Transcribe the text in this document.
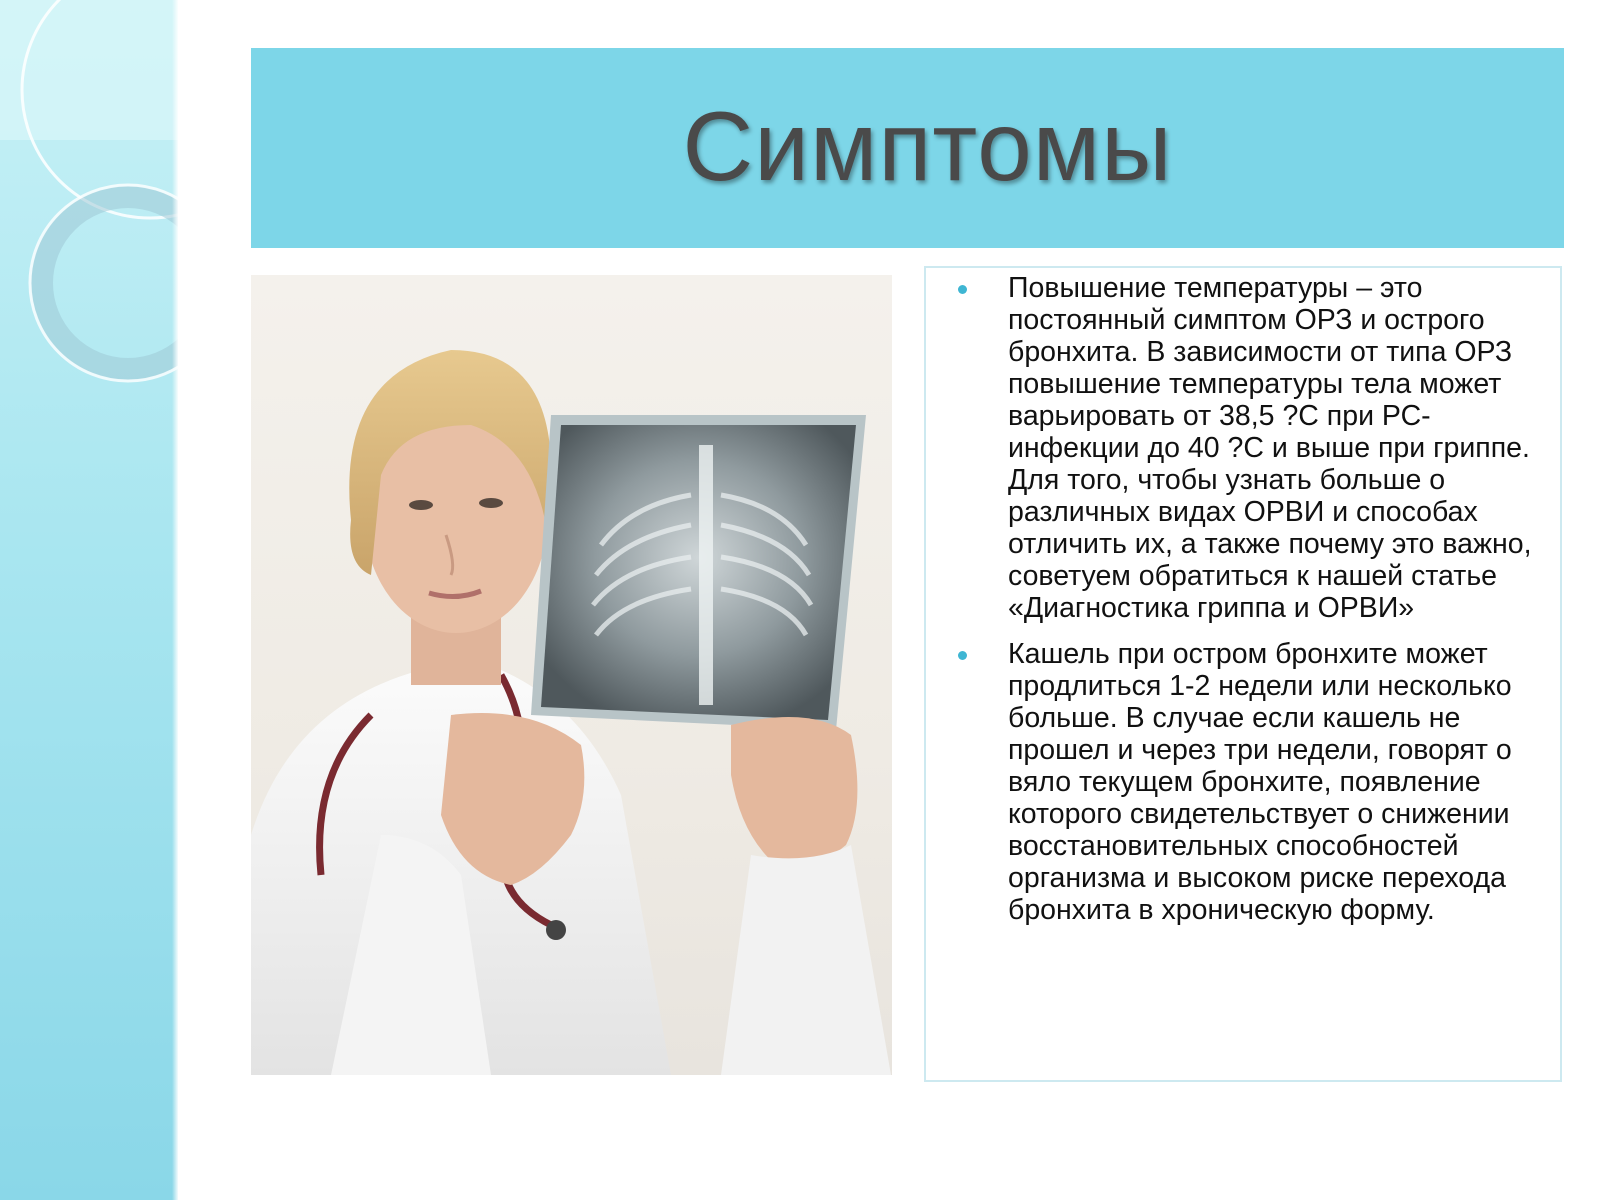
Симптомы
Повышение температуры – это постоянный симптом ОРЗ и острого бронхита. В зависимости от типа ОРЗ повышение температуры тела может варьировать от 38,5 ?С при РС-инфекции до 40 ?С и выше при гриппе. Для того, чтобы узнать больше о различных видах ОРВИ и способах отличить их, а также почему это важно, советуем обратиться к нашей статье «Диагностика гриппа и ОРВИ»
Кашель при остром бронхите может продлиться 1-2 недели или несколько больше. В случае если кашель не прошел и через три недели, говорят о вяло текущем бронхите, появление которого свидетельствует о снижении восстановительных способностей организма и высоком риске перехода бронхита в хроническую форму.
